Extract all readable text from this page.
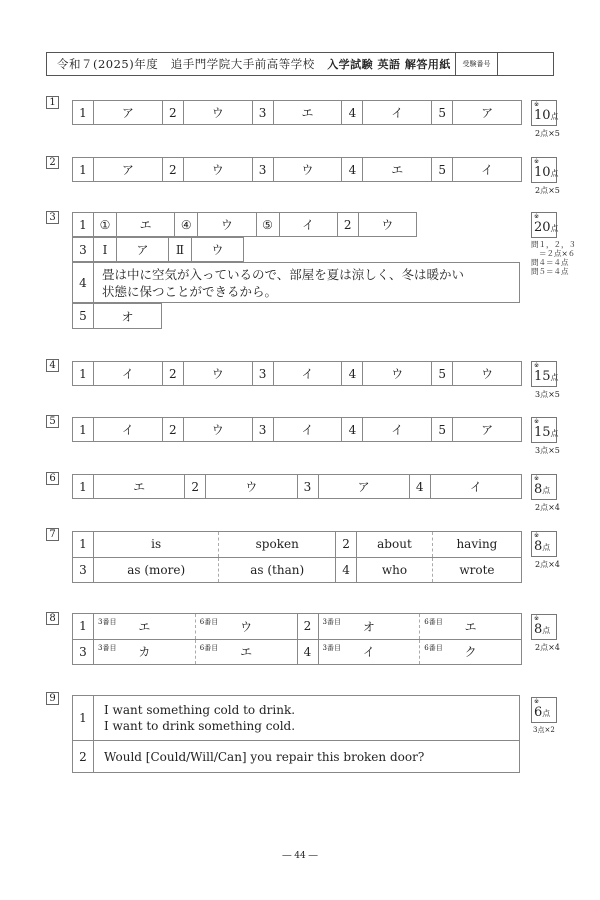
令和７(2025)年度 追手門学院大手前高等学校 入学試験 英語 解答用紙	受験番号
1
1	ア	2	ウ	3	エ	4	イ	5	ア
※
10点
2点×5
2 1	ア	2	ウ	3	ウ	4	エ	5	イ
※
10点
2点×5
3 1	①	エ	④	ウ	⑤	イ	2	ウ
3	Ⅰ	ア	Ⅱ	ウ
4	
畳は中に空気が入っているので、部屋を夏は涼しく、冬は暖かい
状態に保つことができるから。
5	オ
※
20点
問１，２，３
＝２点×６
問４＝４点
問５＝４点
4
1	イ	2	ウ	3	イ	4	ウ	5	ウ
※
15点
3点×5
5
1	イ	2	ウ	3	イ	4	イ	5	ア
※
15点
3点×5
6
1	エ	2	ウ	3	ア	4	イ
※
8点
2点×4
7
1	is	spoken	2	about	having
3	as (more)	as (than)	4	who	wrote
※
8点
2点×4
8
1	3番目 エ	6番目 ウ	2	3番目 オ	6番目 エ
3	3番目 カ	6番目 エ	4	3番目 イ	6番目 ク
※
8点
2点×4
9
1	I want something cold to drink.
I want to drink something cold.

2	Would [Could/Will/Can] you repair this broken door?
※
6点
3点×2
― 44 ―
